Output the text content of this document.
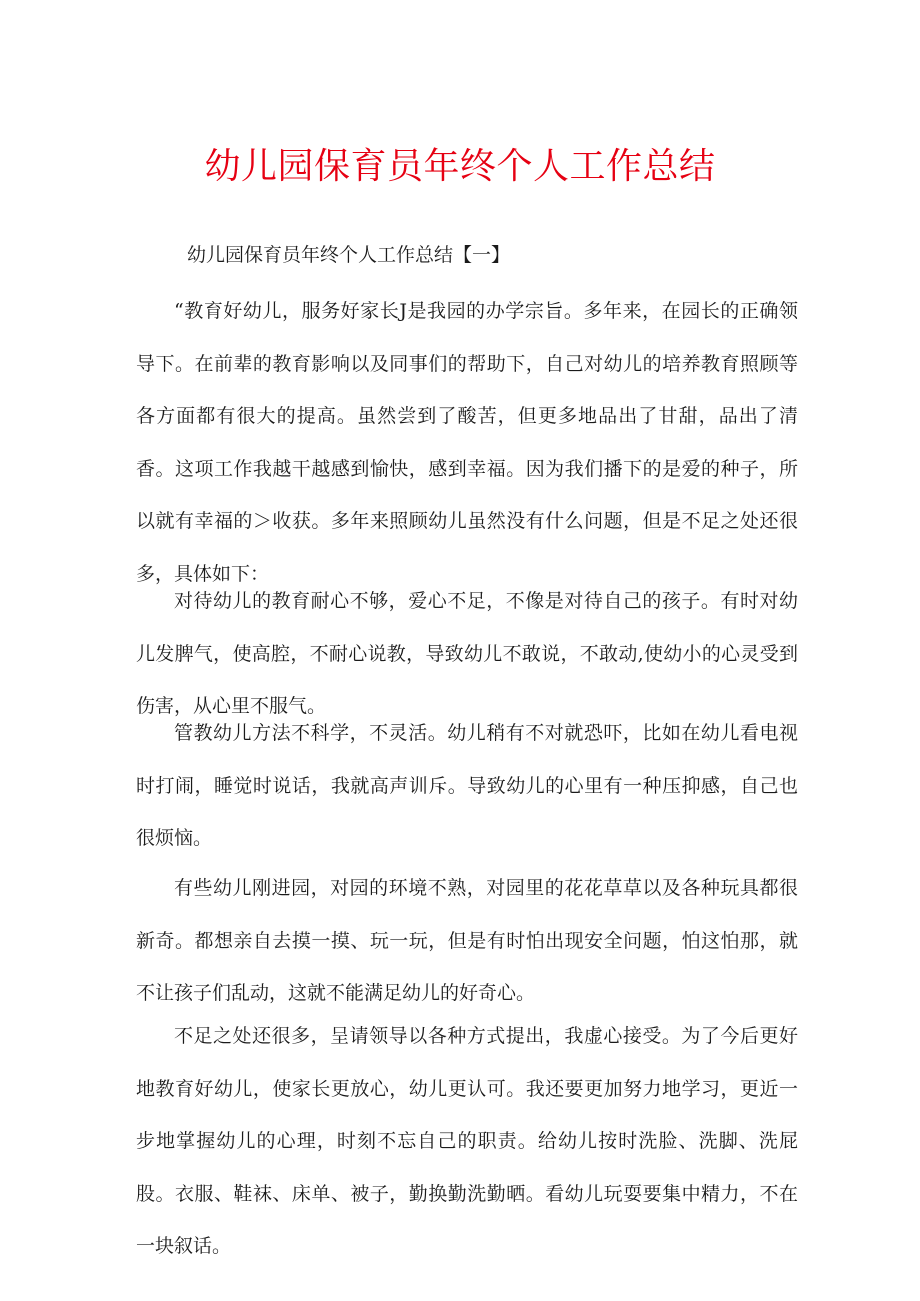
幼儿园保育员年终个人工作总结
幼儿园保育员年终个人工作总结【一】

“教育好幼儿，服务好家长J是我园的办学宗旨。多年来，在园长的正确领导下。在前辈的教育影响以及同事们的帮助下，自己对幼儿的培养教育照顾等各方面都有很大的提高。虽然尝到了酸苦，但更多地品出了甘甜，品出了清香。这项工作我越干越感到愉快，感到幸福。因为我们播下的是爱的种子，所以就有幸福的＞收获。多年来照顾幼儿虽然没有什么问题，但是不足之处还很多，具体如下：

对待幼儿的教育耐心不够，爱心不足，不像是对待自己的孩子。有时对幼儿发脾气，使高腔，不耐心说教，导致幼儿不敢说，不敢动,使幼小的心灵受到伤害，从心里不服气。

管教幼儿方法不科学，不灵活。幼儿稍有不对就恐吓，比如在幼儿看电视时打闹，睡觉时说话，我就高声训斥。导致幼儿的心里有一种压抑感，自己也很烦恼。

有些幼儿刚进园，对园的环境不熟，对园里的花花草草以及各种玩具都很新奇。都想亲自去摸一摸、玩一玩，但是有时怕出现安全问题，怕这怕那，就不让孩子们乱动，这就不能满足幼儿的好奇心。

不足之处还很多，呈请领导以各种方式提出，我虚心接受。为了今后更好地教育好幼儿，使家长更放心，幼儿更认可。我还要更加努力地学习，更近一步地掌握幼儿的心理，时刻不忘自己的职责。给幼儿按时洗脸、洗脚、洗屁股。衣服、鞋袜、床单、被子，勤换勤洗勤晒。看幼儿玩耍要集中精力，不在一块叙话。
